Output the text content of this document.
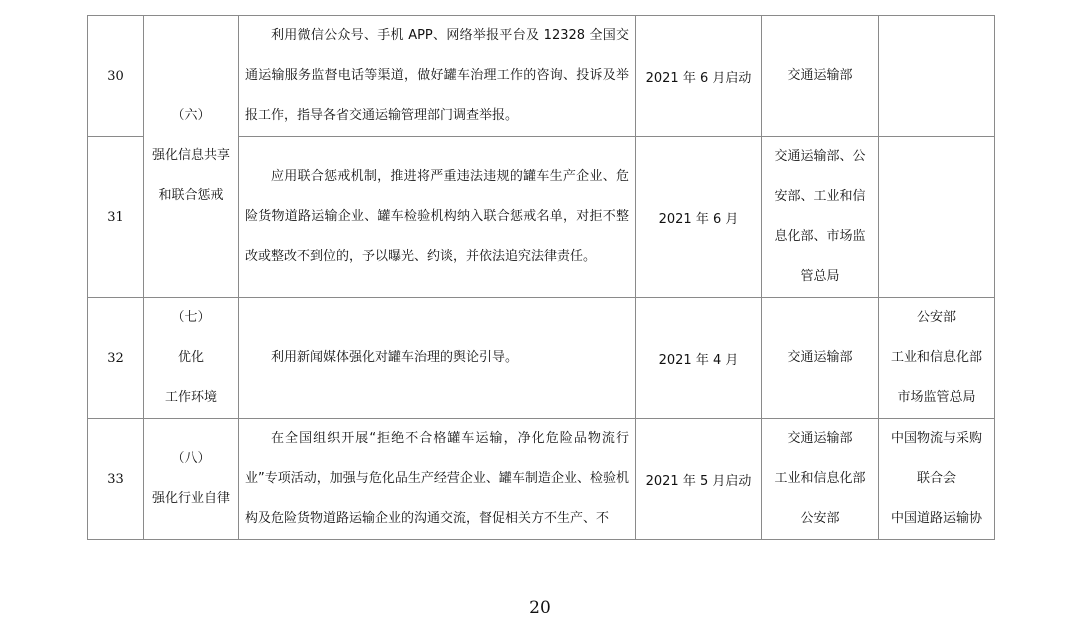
30	（六）
强化信息共享
和联合惩戒	利用微信公众号、手机 APP、网络举报平台及 12328 全国交通运输服务监督电话等渠道，做好罐车治理工作的咨询、投诉及举报工作，指导各省交通运输管理部门调查举报。	2021 年 6 月启动	交通运输部	

31		应用联合惩戒机制，推进将严重违法违规的罐车生产企业、危险货物道路运输企业、罐车检验机构纳入联合惩戒名单，对拒不整改或整改不到位的，予以曝光、约谈，并依法追究法律责任。	2021 年 6 月	交通运输部、公
安部、工业和信
息化部、市场监
管总局	

32	（七）
优化
工作环境	利用新闻媒体强化对罐车治理的舆论引导。	2021 年 4 月	交通运输部	公安部
工业和信息化部
市场监管总局

33	（八）
强化行业自律	在全国组织开展“拒绝不合格罐车运输，净化危险品物流行业”专项活动，加强与危化品生产经营企业、罐车制造企业、检验机构及危险货物道路运输企业的沟通交流，督促相关方不生产、不	2021 年 5 月启动	交通运输部
工业和信息化部
公安部	中国物流与采购
联合会
中国道路运输协
20
